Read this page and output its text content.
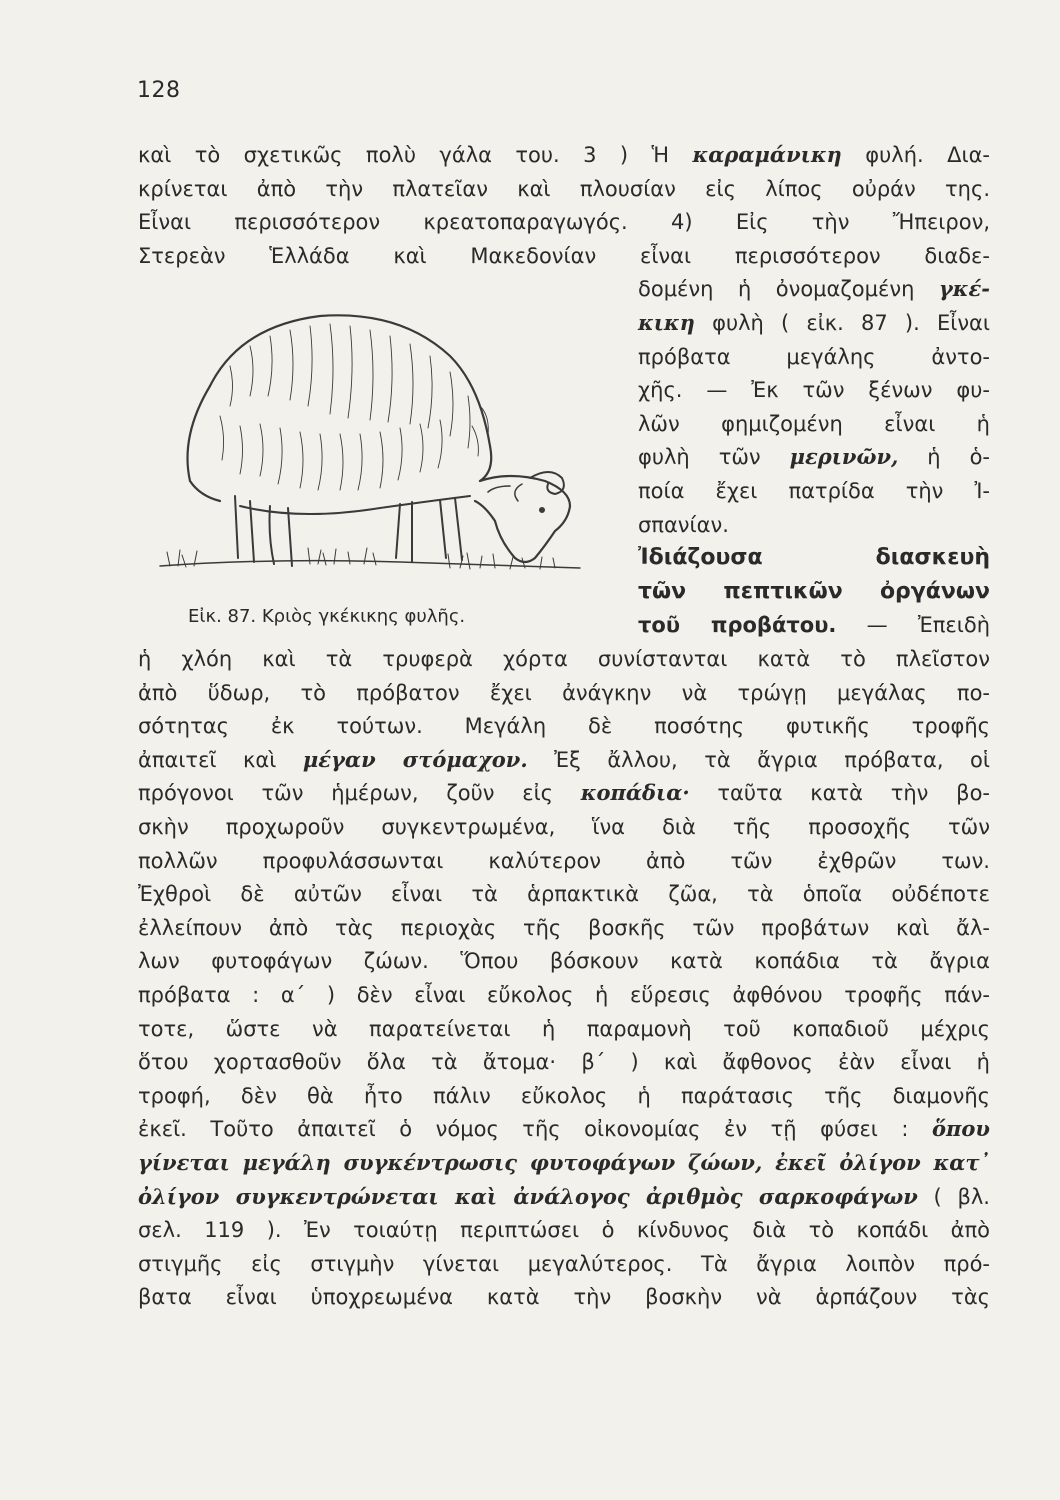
128
καὶ τὸ σχετικῶς πολὺ γάλα του. 3 ) Ἡ καραμάνικη φυλή. Δια-
κρίνεται ἀπὸ τὴν πλατεῖαν καὶ πλουσίαν εἰς λίπος οὐράν της.
Εἶναι περισσότερον κρεατοπαραγωγός. 4) Εἰς τὴν Ἤπειρον,
Στερεὰν Ἑλλάδα καὶ Μακεδονίαν εἶναι περισσότερον διαδε-
δομένη ἡ ὀνομαζομένη γκέ-
κικη φυλὴ ( εἰκ. 87 ). Εἶναι
πρόβατα μεγάλης ἀντο-
χῆς. — Ἐκ τῶν ξένων φυ-
λῶν φημιζομένη εἶναι ἡ
φυλὴ τῶν μερινῶν, ἡ ὁ-
ποία ἔχει πατρίδα τὴν Ἰ-
σπανίαν.
Ἰδιάζουσα διασκευὴ
τῶν πεπτικῶν ὀργάνων
τοῦ προβάτου. — Ἐπειδὴ
ἡ χλόη καὶ τὰ τρυφερὰ χόρτα συνίστανται κατὰ τὸ πλεῖστον
ἀπὸ ὕδωρ, τὸ πρόβατον ἔχει ἀνάγκην νὰ τρώγῃ μεγάλας πο-
σότητας ἐκ τούτων. Μεγάλη δὲ ποσότης φυτικῆς τροφῆς
ἀπαιτεῖ καὶ μέγαν στόμαχον. Ἐξ ἄλλου, τὰ ἄγρια πρόβατα, οἱ
πρόγονοι τῶν ἡμέρων, ζοῦν εἰς κοπάδια· ταῦτα κατὰ τὴν βο-
σκὴν προχωροῦν συγκεντρωμένα, ἵνα διὰ τῆς προσοχῆς τῶν
πολλῶν προφυλάσσωνται καλύτερον ἀπὸ τῶν ἐχθρῶν των.
Ἐχθροὶ δὲ αὐτῶν εἶναι τὰ ἁρπακτικὰ ζῶα, τὰ ὁποῖα οὐδέποτε
ἐλλείπουν ἀπὸ τὰς περιοχὰς τῆς βοσκῆς τῶν προβάτων καὶ ἄλ-
λων φυτοφάγων ζώων. Ὅπου βόσκουν κατὰ κοπάδια τὰ ἄγρια
πρόβατα : α΄ ) δὲν εἶναι εὔκολος ἡ εὕρεσις ἀφθόνου τροφῆς πάν-
τοτε, ὥστε νὰ παρατείνεται ἡ παραμονὴ τοῦ κοπαδιοῦ μέχρις
ὅτου χορτασθοῦν ὅλα τὰ ἄτομα· β΄ ) καὶ ἄφθονος ἐὰν εἶναι ἡ
τροφή, δὲν θὰ ἦτο πάλιν εὔκολος ἡ παράτασις τῆς διαμονῆς
ἐκεῖ. Τοῦτο ἀπαιτεῖ ὁ νόμος τῆς οἰκονομίας ἐν τῇ φύσει : ὅπου
γίνεται μεγάλη συγκέντρωσις φυτοφάγων ζώων, ἐκεῖ ὀλίγον κατ᾽
ὀλίγον συγκεντρώνεται καὶ ἀνάλογος ἀριθμὸς σαρκοφάγων ( βλ.
σελ. 119 ). Ἐν τοιαύτῃ περιπτώσει ὁ κίνδυνος διὰ τὸ κοπάδι ἀπὸ
στιγμῆς εἰς στιγμὴν γίνεται μεγαλύτερος. Τὰ ἄγρια λοιπὸν πρό-
βατα εἶναι ὑποχρεωμένα κατὰ τὴν βοσκὴν νὰ ἁρπάζουν τὰς
Εἰκ. 87. Κριὸς γκέκικης φυλῆς.
